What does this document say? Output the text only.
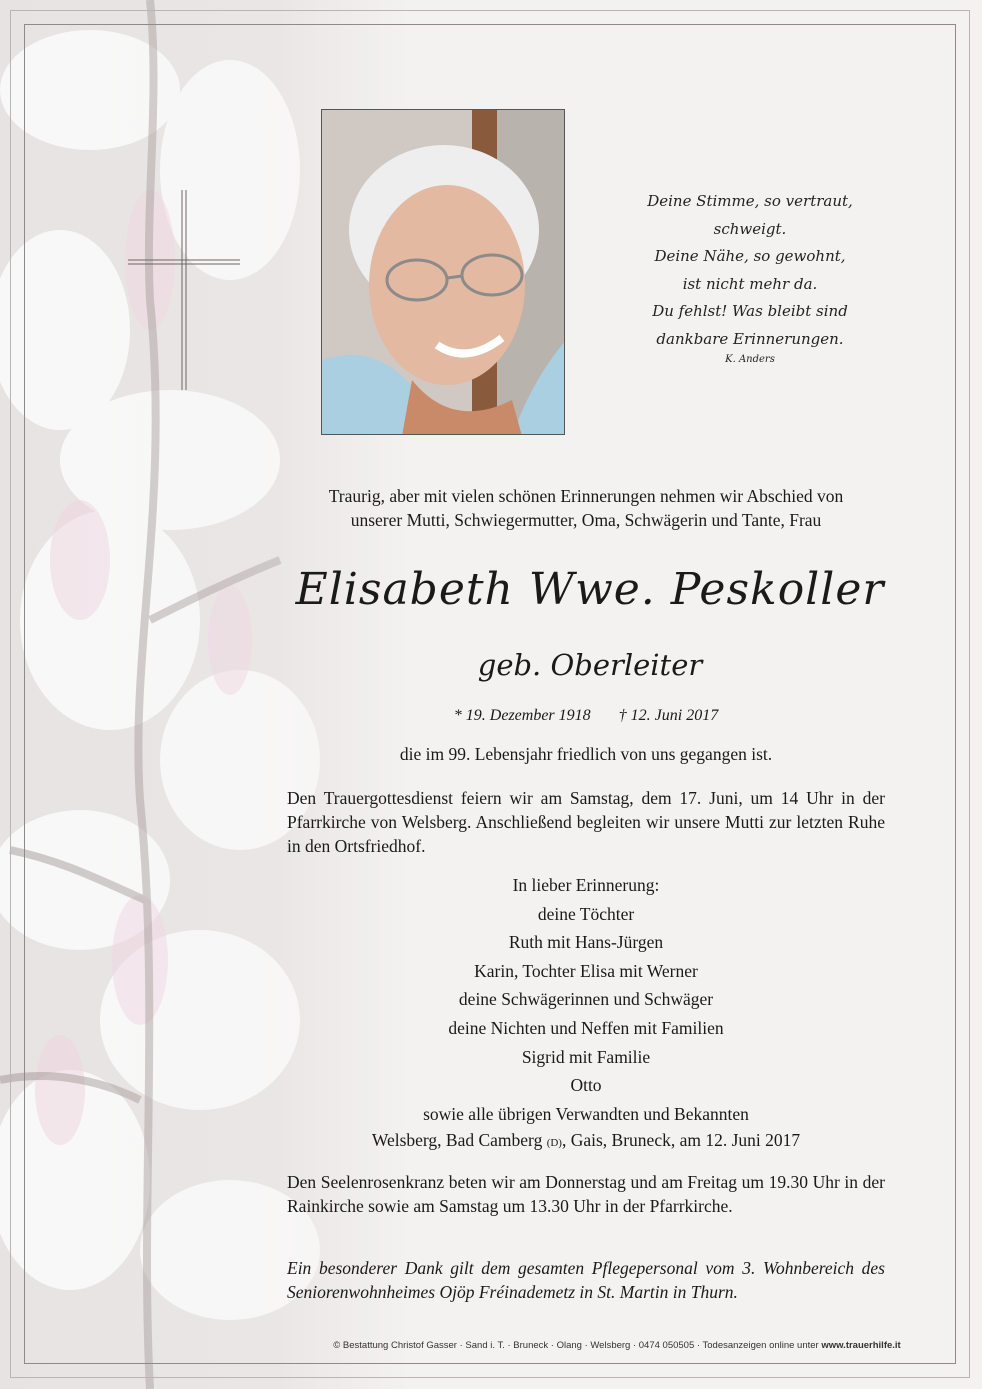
Deine Stimme, so vertraut,
schweigt.
Deine Nähe, so gewohnt,
ist nicht mehr da.
Du fehlst! Was bleibt sind
dankbare Erinnerungen.
K. Anders
Traurig, aber mit vielen schönen Erinnerungen nehmen wir Abschied von
unserer Mutti, Schwiegermutter, Oma, Schwägerin und Tante, Frau
Elisabeth Wwe. Peskoller
geb. Oberleiter
* 19. Dezember 1918 † 12. Juni 2017
die im 99. Lebensjahr friedlich von uns gegangen ist.
Den Trauergottesdienst feiern wir am Samstag, dem 17. Juni, um 14 Uhr in der Pfarrkirche von Welsberg. Anschließend begleiten wir unsere Mutti zur letzten Ruhe in den Ortsfriedhof.
In lieber Erinnerung:
deine Töchter
Ruth mit Hans-Jürgen
Karin, Tochter Elisa mit Werner
deine Schwägerinnen und Schwäger
deine Nichten und Neffen mit Familien
Sigrid mit Familie
Otto
sowie alle übrigen Verwandten und Bekannten
Welsberg, Bad Camberg (D), Gais, Bruneck, am 12. Juni 2017
Den Seelenrosenkranz beten wir am Donnerstag und am Freitag um 19.30 Uhr in der Rainkirche sowie am Samstag um 13.30 Uhr in der Pfarrkirche.
Ein besonderer Dank gilt dem gesamten Pflegepersonal vom 3. Wohnbereich des Seniorenwohnheimes Ojöp Fréinademetz in St. Martin in Thurn.
© Bestattung Christof Gasser · Sand i. T. · Bruneck · Olang · Welsberg · 0474 050505 · Todesanzeigen online unter www.trauerhilfe.it
